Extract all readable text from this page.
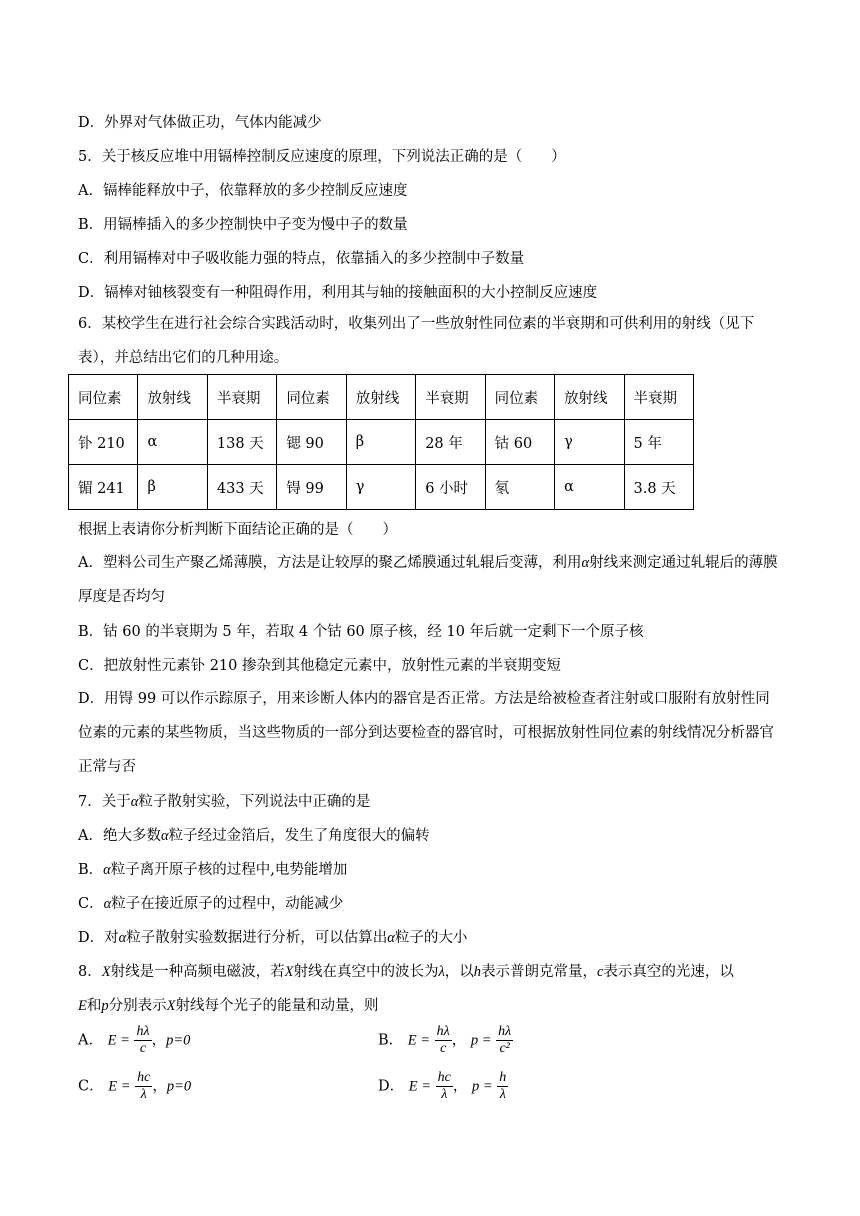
D．外界对气体做正功，气体内能减少
5．关于核反应堆中用镉棒控制反应速度的原理，下列说法正确的是（　　）
A．镉棒能释放中子，依靠释放的多少控制反应速度
B．用镉棒插入的多少控制快中子变为慢中子的数量
C．利用镉棒对中子吸收能力强的特点，依靠插入的多少控制中子数量
D．镉棒对铀核裂变有一种阻碍作用，利用其与轴的接触面积的大小控制反应速度
6．某校学生在进行社会综合实践活动时，收集列出了一些放射性同位素的半衰期和可供利用的射线（见下表），并总结出它们的几种用途。
同位素	放射线	半衰期	同位素	放射线	半衰期	同位素	放射线	半衰期
钋 210	α	138 天	锶 90	β	28 年	钴 60	γ	5 年
镅 241	β	433 天	锝 99	γ	6 小时	氡	α	3.8 天
根据上表请你分析判断下面结论正确的是（　　）
A．塑料公司生产聚乙烯薄膜，方法是让较厚的聚乙烯膜通过轧辊后变薄，利用α射线来测定通过轧辊后的薄膜厚度是否均匀
B．钴 60 的半衰期为 5 年，若取 4 个钴 60 原子核，经 10 年后就一定剩下一个原子核
C．把放射性元素钋 210 掺杂到其他稳定元素中，放射性元素的半衰期变短
D．用锝 99 可以作示踪原子，用来诊断人体内的器官是否正常。方法是给被检查者注射或口服附有放射性同位素的元素的某些物质，当这些物质的一部分到达要检查的器官时，可根据放射性同位素的射线情况分析器官正常与否
7．关于α粒子散射实验，下列说法中正确的是
A．绝大多数α粒子经过金箔后，发生了角度很大的偏转
B．α粒子离开原子核的过程中,电势能增加
C．α粒子在接近原子的过程中，动能减少
D．对α粒子散射实验数据进行分析，可以估算出α粒子的大小
8．X射线是一种高频电磁波，若X射线在真空中的波长为λ，以h表示普朗克常量，c表示真空的光速，以
E和p分别表示X射线每个光子的能量和动量，则
A． $E = \frac{h\lambda}{c}$ ，p=0	B． $E = \frac{h\lambda}{c}$ ， $p = \frac{h\lambda}{\text{c²}}$
C． $E = \frac{hc}{\lambda}$ ，p=0	D． $E = \frac{hc}{\lambda}$ ， $p = \frac{h}{\lambda}$
